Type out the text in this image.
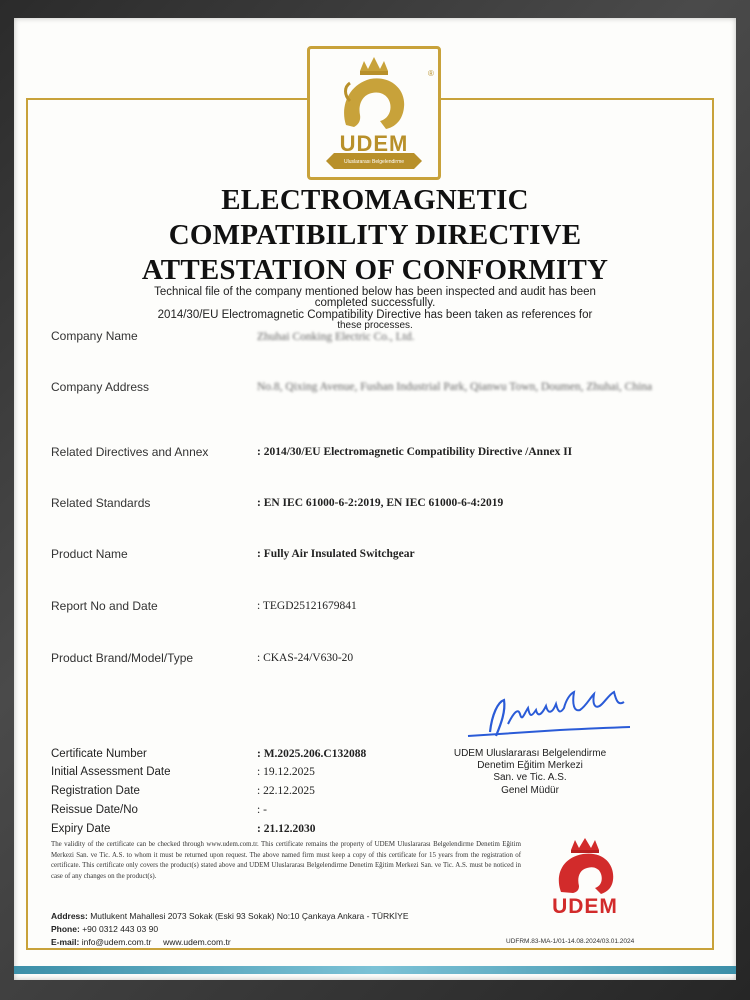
®
UDEM
Uluslararası Belgelendirme
ELECTROMAGNETIC
COMPATIBILITY DIRECTIVE
ATTESTATION OF CONFORMITY
Technical file of the company mentioned below has been inspected and audit has been
completed successfully.
2014/30/EU Electromagnetic Compatibility Directive has been taken as references for
these processes.
Company Name	Zhuhai Conking Electric Co., Ltd.
Company Address	No.8, Qixing Avenue, Fushan Industrial Park, Qianwu Town, Doumen, Zhuhai, China
Related Directives and Annex	: 2014/30/EU Electromagnetic Compatibility Directive /Annex II
Related Standards	: EN IEC 61000-6-2:2019, EN IEC 61000-6-4:2019
Product Name	: Fully Air Insulated Switchgear
Report No and Date	: TEGD25121679841
Product Brand/Model/Type	: CKAS-24/V630-20
Certificate Number	: M.2025.206.C132088
Initial Assessment Date	: 19.12.2025
Registration Date	: 22.12.2025
Reissue Date/No	: -
Expiry Date	: 21.12.2030
UDEM Uluslararası Belgelendirme
Denetim Eğitim Merkezi
San. ve Tic. A.S.
Genel Müdür
The validity of the certificate can be checked through www.udem.com.tr. This certificate remains the property of UDEM Uluslararası Belgelendirme Denetim Eğitim Merkezi San. ve Tic. A.S. to whom it must be returned upon request. The above named firm must keep a copy of this certificate for 15 years from the registration of certificate. This certificate only covers the product(s) stated above and UDEM Uluslararası Belgelendirme Denetim Eğitim Merkezi San. ve Tic. A.S. must be noticed in case of any changes on the product(s).
UDEM
Address: Mutlukent Mahallesi 2073 Sokak (Eski 93 Sokak) No:10 Çankaya Ankara - TÜRKİYE
Phone: +90 0312 443 03 90
E-mail: info@udem.com.tr www.udem.com.tr	UDFRM.83-MA-1/01-14.08.2024/03.01.2024
